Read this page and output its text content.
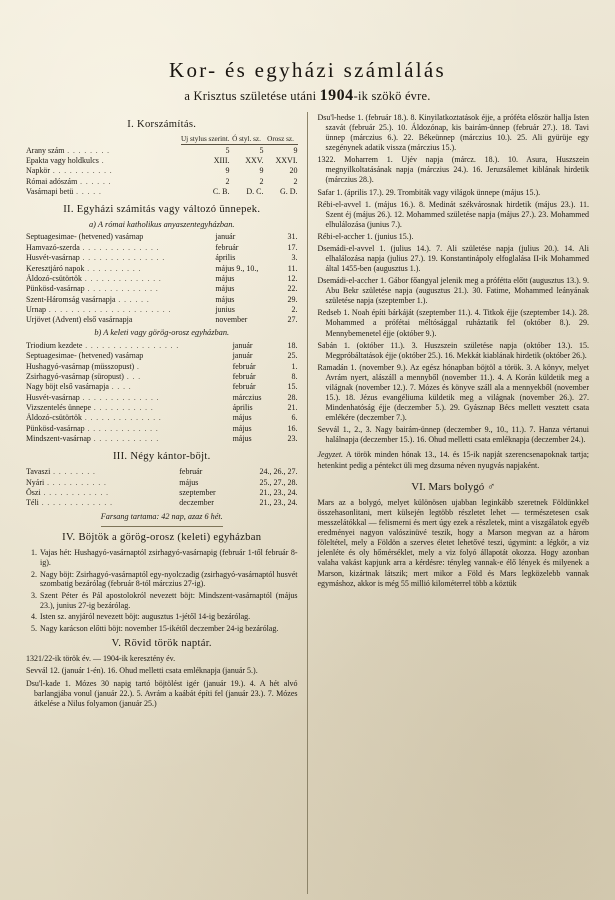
Kor- és egyházi számlálás

a Krisztus születése utáni 1904-ik szökö évre.

I. Korszámítás.
	Uj stylus szerint.	Ó styl. sz.	Orosz sz.
Arany szám . . . . . . . .	5	5	9
Epakta vagy holdkulcs .	XIII.	XXV.	XXVI.
Napkör . . . . . . . . . . .	9	9	20
Római adószám . . . . . .	2	2	2
Vasárnapi betü . . . . .	C. B.	D. C.	G. D.
II. Egyházi számitás vagy változó ünnepek.
a) A római katholikus anyaszentegyházban.
Septuagesimae- (hetvened) vasárnap	január	31.
Hamvazó-szerda . . . . . . . . . . . . . .	február	17.
Husvét-vasárnap . . . . . . . . . . . . . . .	április	3.
Keresztjáró napok . . . . . . . . . .	május 9., 10.,	11.
Áldozó-csütörtök . . . . . . . . . . . . . .	május	12.
Pünkösd-vasárnap . . . . . . . . . . . . .	május	22.
Szent-Háromság vasárnapja . . . . . .	május	29.
Urnap . . . . . . . . . . . . . . . . . . . . . .	junius	2.
Urjövet (Advent) első vasárnapja	november	27.
b) A keleti vagy görög-orosz egyházban.
Triodium kezdete . . . . . . . . . . . . . . . . .	január	18.
Septuagesimae- (hetvened) vasárnap	január	25.
Hushagyó-vasárnap (müsszopust) .	február	1.
Zsirhagyó-vasárnap (süropust) . . .	február	8.
Nagy böjt első vasárnapja . . . .	február	15.
Husvét-vasárnap . . . . . . . . . . . . . .	márczius	28.
Vizszentelés ünnepe . . . . . . . . . . .	április	21.
Áldozó-csütörtök . . . . . . . . . . . . . .	május	6.
Pünkösd-vasárnap . . . . . . . . . . . . .	május	16.
Mindszent-vasárnap . . . . . . . . . . . .	május	23.
III. Négy kántor-böjt.
Tavaszi . . . . . . . .	február	24., 26., 27.
Nyári . . . . . . . . . . .	május	25., 27., 28.
Őszi . . . . . . . . . . . .	szeptember	21., 23., 24.
Téli . . . . . . . . . . . . .	deczember	21., 23., 24.
Farsang tartama: 42 nap, azaz 6 hét.
IV. Böjtök a görög-orosz (keleti) egyházban
1. Vajas hét: Hushagyó-vasárnaptól zsirhagyó-vasárnapig (február 1-től február 8-ig).
2. Nagy böjt: Zsirhagyó-vasárnaptól egy-nyolczadig (zsirhagyó-vasárnaptól husvét szombatig bezárólag (február 8-tól márczius 27-ig).
3. Szent Péter és Pál apostolokról nevezett böjt: Mindszent-vasárnaptól (május 23.), junius 27-ig bezárólag.
4. Isten sz. anyjáról nevezett böjt: augusztus 1-jétől 14-ig bezárólag.
5. Nagy karácson előtti böjt: november 15-ikétől deczember 24-ig bezárólag.
V. Rövid török naptár.

1321/22-ik török év. — 1904-ik keresztény év.

Sevvál 12. (január 1-én). 16. Ohud melletti csata emléknapja (január 5.).

Dsu'l-kade 1. Mózes 30 napig tartó böjtölést igér (január 19.). 4. A hét alvó barlangjába vonul (január 22.). 5. Avrám a kaábát építi fel (január 23.). 7. Mózes átkelése a Nilus folyamon (január 25.)

Dsu'l-hedse 1. (február 18.). 8. Kinyilatkoztatások éjje, a próféta először hallja Isten szavát (február 25.). 10. Áldozónap, kis bairám-ünnep (február 27.). 18. Tavi ünnep (márczius 6.). 22. Békeünnep (márczius 10.). 25. Ali gyürüje egy szegénynek adatik vissza (márczius 15.).

1322. Moharrem 1. Ujév napja (márcz. 18.). 10. Asura, Huszszein megnyilkoltatásának napja (márczius 24.). 16. Jeruzsálemet kiblának hirdetik (márczius 28.).

Safar 1. (április 17.). 29. Trombiták vagy világok ünnepe (május 15.).

Rébi-el-avvel 1. (május 16.). 8. Medinát székvárosnak hirdetik (május 23.). 11. Szent éj (május 26.). 12. Mohammed születése napja (május 27.). 23. Mohammed elhulálozása (junius 7.).

Rébi-el-accher 1. (junius 15.).

Dsemádi-el-avvel 1. (julius 14.). 7. Ali születése napja (julius 20.). 14. Ali elhalálozása napja (julius 27.). 19. Konstantinápoly elfoglalása II-ik Mohammed által 1455-ben (augusztus 1.).

Dsemádi-el-accher 1. Gábor főangyal jelenik meg a prófétta előtt (augusztus 13.). 9. Abu Bekr születése napja (augusztus 21.). 30. Fatime, Mohammed leányának születése napja (szeptember 1.).

Redseb 1. Noah építi bárkáját (szeptember 11.). 4. Titkok éjje (szeptember 14.). 28. Mohammed a prófétai méltósággal ruháztatik fel (október 8.). 29. Mennybemenetel éjje (október 9.).

Sabán 1. (október 11.). 3. Huszszein születése napja (október 13.). 15. Megpróbáltatások éjje (október 25.). 16. Mekkát kiablának hirdetik (október 26.).

Ramadán 1. (november 9.). Az egész hónapban böjtöl a török. 3. A könyv, melyet Avrám nyert, alászáll a mennyből (november 11.). 4. A Korán küldetik meg a világnak (november 12.). 7. Mózes és könyve száll ala a mennyekből (november 15.). 18. Jézus evangéliuma küldetik meg a világnak (november 26.). 27. Mindenhatóság éjje (deczember 5.). 29. Gyásznap Bécs mellett vesztett csata emlékére (deczember 7.).

Sevvál 1., 2., 3. Nagy bairám-ünnep (deczember 9., 10., 11.). 7. Hanza vértanui halálnapja (deczember 15.). 16. Ohud melletti csata emléknapja (deczember 24.).

Jegyzet. A török minden hónak 13., 14. és 15-ik napját szerencsenapoknak tartja; hetenkint pedig a péntekct üli meg dzsuma néven nyugvás napjaként.

VI. Mars bolygó ♂

Mars az a bolygó, melyet különösen ujabban leginkább szeretnek Földünkkel összehasonlitani, mert külsején legtöbb részletet lehet — természetesen csak messzelátókkal — felismerni és mert úgy ezek a részletek, mint a viszgálatok egyéb eredményei nagyon valószinüvé teszik, hogy a Marson megvan az a három föleltétel, mely a Földön a szerves életet lehetővé teszi, úgymint: a légkör, a viz jelenléte és oly hőmérséklet, mely a viz folyó állapotát okozza. Hogy azonban valaha vakást kapjunk arra a kérdésre: tényleg vannak-e élő lények és milyenek a Marson, kizártnak látszik; mert mikor a Föld és Mars legközelebb vannak egymáshoz, akkor is még 55 millió kilométerrel több a köztük
